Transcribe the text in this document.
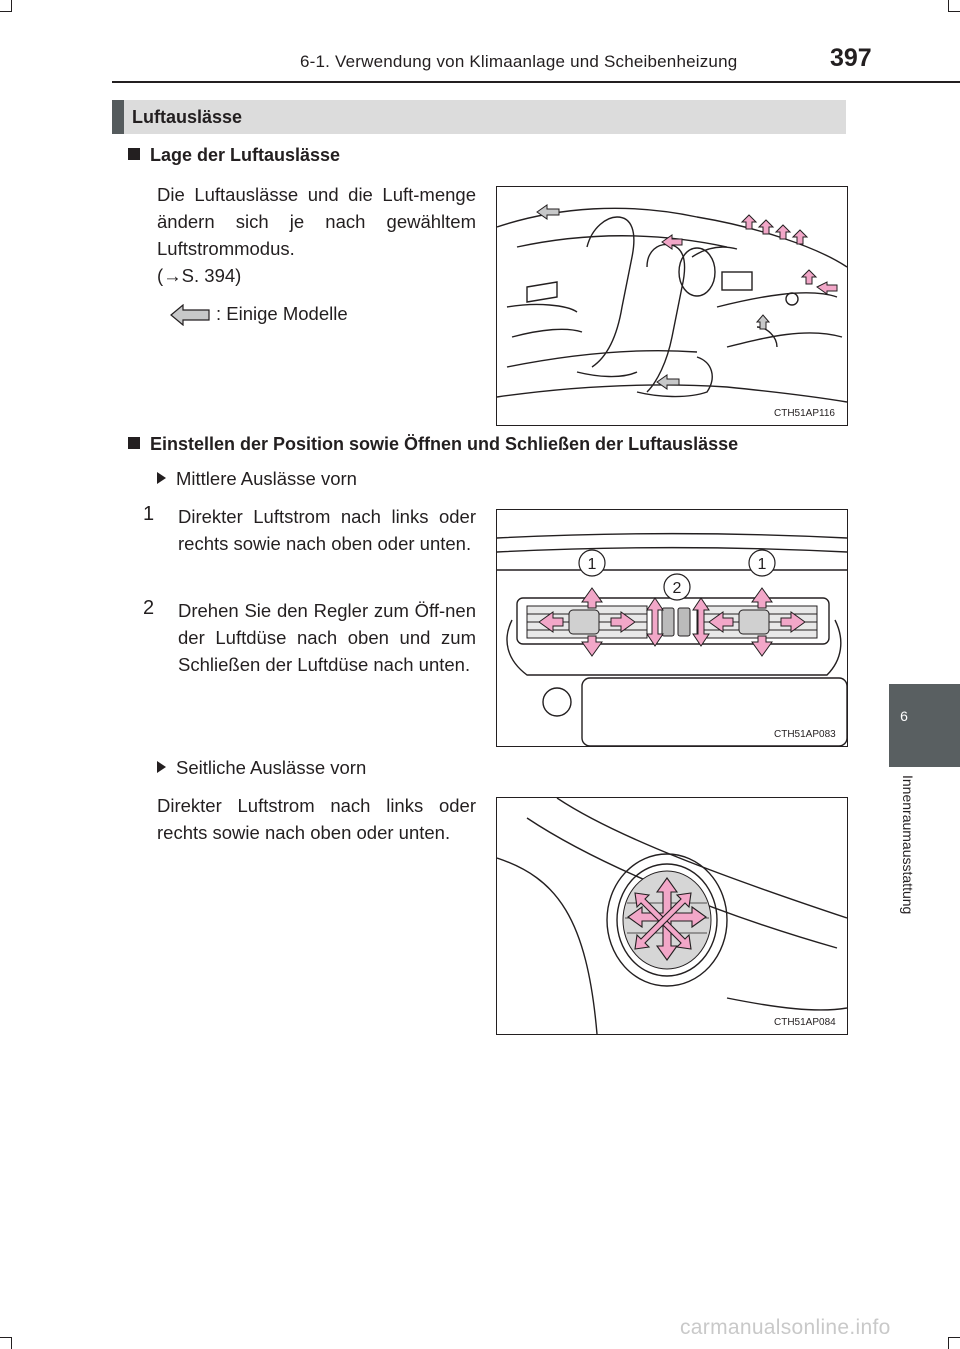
6-1. Verwendung von Klimaanlage und Scheibenheizung	397
Luftauslässe
Lage der Luftauslässe
Die Luftauslässe und die Luft-menge ändern sich je nach gewähltem Luftstrommodus.
(→S. 394)
: Einige Modelle
CTH51AP116
Einstellen der Position sowie Öffnen und Schließen der Luftauslässe
Mittlere Auslässe vorn
1 Direkter Luftstrom nach links oder rechts sowie nach oben oder unten.
2 Drehen Sie den Regler zum Öff-nen der Luftdüse nach oben und zum Schließen der Luftdüse nach unten.
1	1
2
CTH51AP083
Seitliche Auslässe vorn
Direkter Luftstrom nach links oder rechts sowie nach oben oder unten.
CTH51AP084
6
Innenraumausstattung
carmanualsonline.info
